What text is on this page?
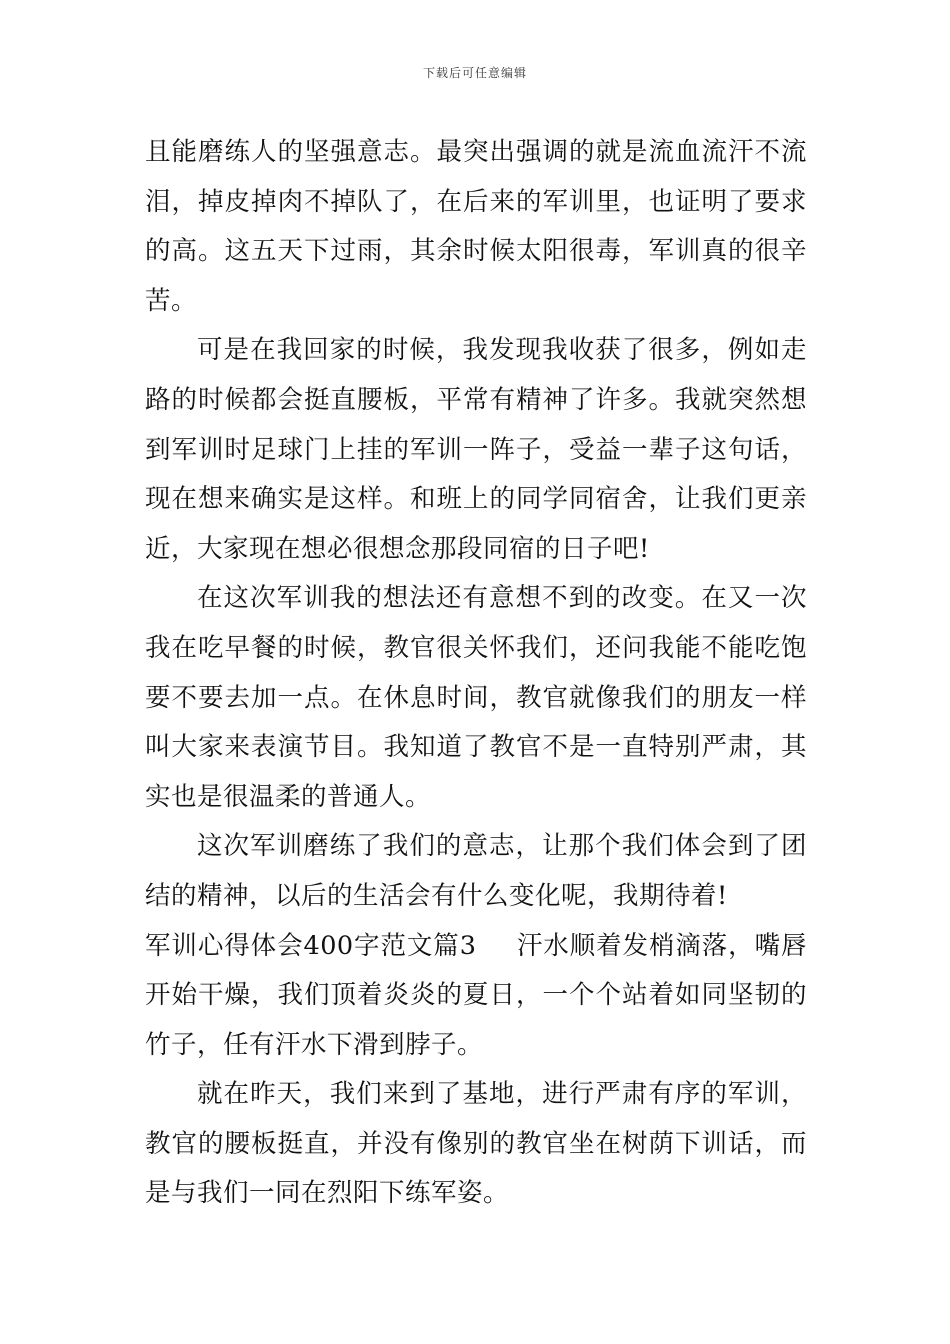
下载后可任意编辑

且能磨练人的坚强意志。最突出强调的就是流血流汗不流泪，掉皮掉肉不掉队了，在后来的军训里，也证明了要求的高。这五天下过雨，其余时候太阳很毒，军训真的很辛苦。

可是在我回家的时候，我发现我收获了很多，例如走路的时候都会挺直腰板，平常有精神了许多。我就突然想到军训时足球门上挂的军训一阵子，受益一辈子这句话，现在想来确实是这样。和班上的同学同宿舍，让我们更亲近，大家现在想必很想念那段同宿的日子吧!

在这次军训我的想法还有意想不到的改变。在又一次我在吃早餐的时候，教官很关怀我们，还问我能不能吃饱要不要去加一点。在休息时间，教官就像我们的朋友一样叫大家来表演节目。我知道了教官不是一直特别严肃，其实也是很温柔的普通人。

这次军训磨练了我们的意志，让那个我们体会到了团结的精神，以后的生活会有什么变化呢，我期待着!

军训心得体会400字范文篇3 汗水顺着发梢滴落，嘴唇开始干燥，我们顶着炎炎的夏日，一个个站着如同坚韧的竹子，任有汗水下滑到脖子。

就在昨天，我们来到了基地，进行严肃有序的军训，教官的腰板挺直，并没有像别的教官坐在树荫下训话，而是与我们一同在烈阳下练军姿。
